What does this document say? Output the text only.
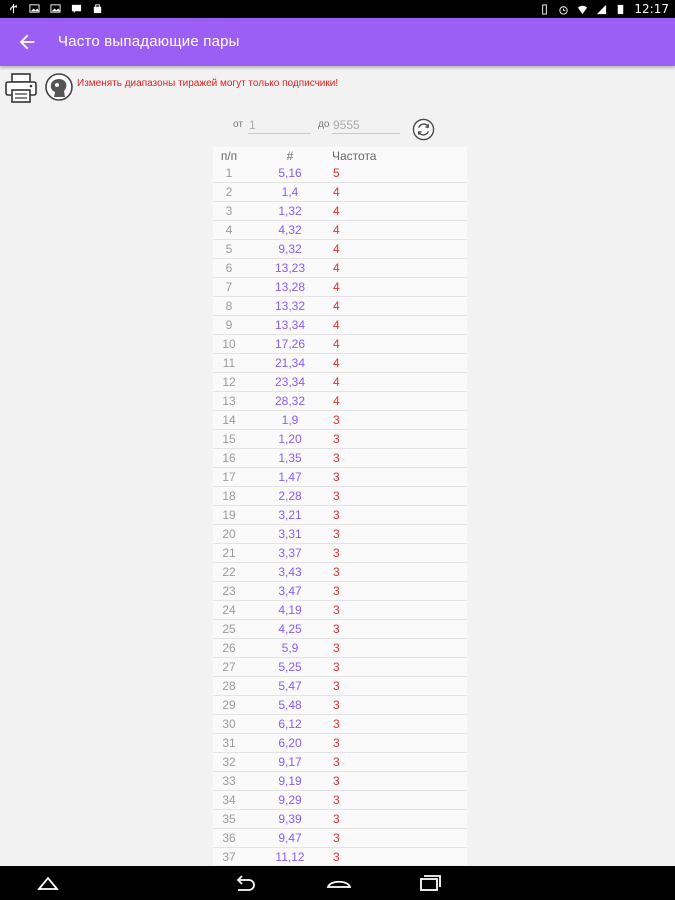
12:17
Часто выпадающие пары
Изменять диапазоны тиражей могут только подписчики!
от
1	до
9555
п/п	#	Частота
1	5,16	5
2	1,4	4
3	1,32	4
4	4,32	4
5	9,32	4
6	13,23	4
7	13,28	4
8	13,32	4
9	13,34	4
10	17,26	4
11	21,34	4
12	23,34	4
13	28,32	4
14	1,9	3
15	1,20	3
16	1,35	3
17	1,47	3
18	2,28	3
19	3,21	3
20	3,31	3
21	3,37	3
22	3,43	3
23	3,47	3
24	4,19	3
25	4,25	3
26	5,9	3
27	5,25	3
28	5,47	3
29	5,48	3
30	6,12	3
31	6,20	3
32	9,17	3
33	9,19	3
34	9,29	3
35	9,39	3
36	9,47	3
37	11,12	3
